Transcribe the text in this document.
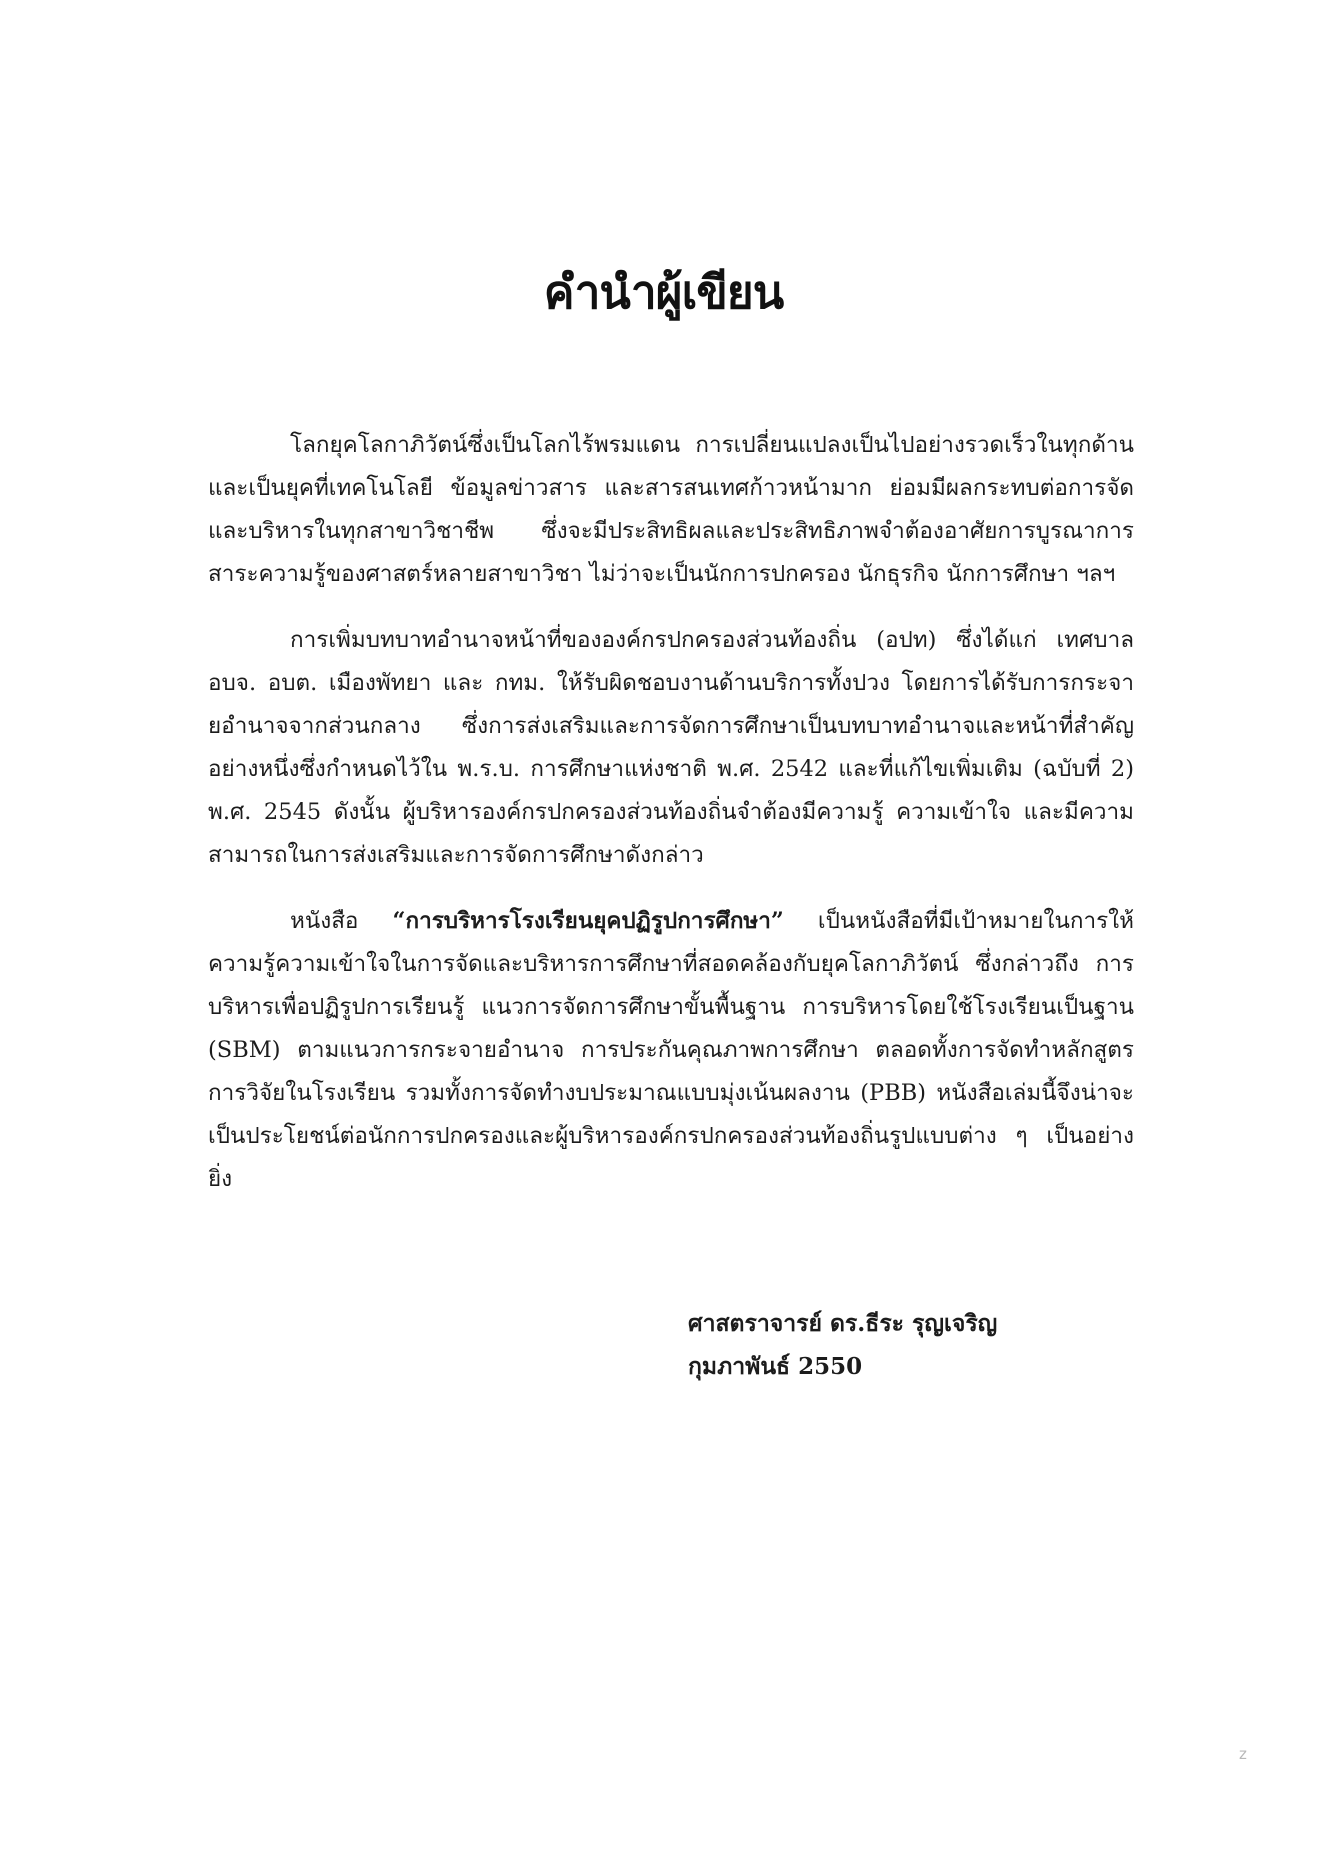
คำนำผู้เขียน

โลกยุคโลกาภิวัตน์ซึ่งเป็นโลกไร้พรมแดน การเปลี่ยนแปลงเป็นไปอย่างรวดเร็วในทุกด้าน และเป็นยุคที่เทคโนโลยี ข้อมูลข่าวสาร และสารสนเทศก้าวหน้ามาก ย่อมมีผลกระทบต่อการจัดและบริหารในทุกสาขาวิชาชีพ ซึ่งจะมีประสิทธิผลและประสิทธิภาพจำต้องอาศัยการบูรณาการสาระความรู้ของศาสตร์หลายสาขาวิชา ไม่ว่าจะเป็นนักการปกครอง นักธุรกิจ นักการศึกษา ฯลฯ

การเพิ่มบทบาทอำนาจหน้าที่ขององค์กรปกครองส่วนท้องถิ่น (อปท) ซึ่งได้แก่ เทศบาล อบจ. อบต. เมืองพัทยา และ กทม. ให้รับผิดชอบงานด้านบริการทั้งปวง โดยการได้รับการกระจายอำนาจจากส่วนกลาง ซึ่งการส่งเสริมและการจัดการศึกษาเป็นบทบาทอำนาจและหน้าที่สำคัญอย่างหนึ่งซึ่งกำหนดไว้ใน พ.ร.บ. การศึกษาแห่งชาติ พ.ศ. 2542 และที่แก้ไขเพิ่มเติม (ฉบับที่ 2) พ.ศ. 2545 ดังนั้น ผู้บริหารองค์กรปกครองส่วนท้องถิ่นจำต้องมีความรู้ ความเข้าใจ และมีความสามารถในการส่งเสริมและการจัดการศึกษาดังกล่าว

หนังสือ “การบริหารโรงเรียนยุคปฏิรูปการศึกษา” เป็นหนังสือที่มีเป้าหมายในการให้ความรู้ความเข้าใจในการจัดและบริหารการศึกษาที่สอดคล้องกับยุคโลกาภิวัตน์ ซึ่งกล่าวถึง การบริหารเพื่อปฏิรูปการเรียนรู้ แนวการจัดการศึกษาขั้นพื้นฐาน การบริหารโดยใช้โรงเรียนเป็นฐาน (SBM) ตามแนวการกระจายอำนาจ การประกันคุณภาพการศึกษา ตลอดทั้งการจัดทำหลักสูตร การวิจัยในโรงเรียน รวมทั้งการจัดทำงบประมาณแบบมุ่งเน้นผลงาน (PBB) หนังสือเล่มนี้จึงน่าจะเป็นประโยชน์ต่อนักการปกครองและผู้บริหารองค์กรปกครองส่วนท้องถิ่นรูปแบบต่าง ๆ เป็นอย่างยิ่ง

ศาสตราจารย์ ดร.ธีระ รุญเจริญ
กุมภาพันธ์ 2550
z
